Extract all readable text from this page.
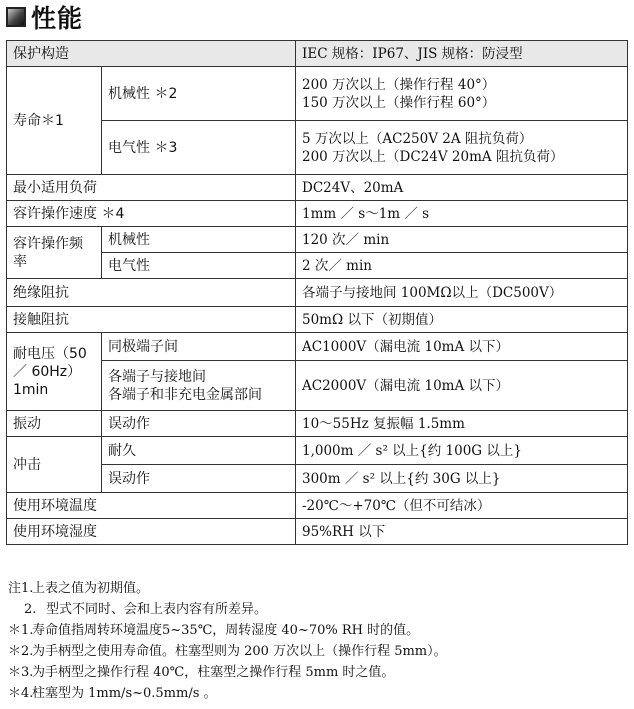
性能
保护构造		IEC 规格：IP67、JIS 规格：防浸型
寿命＊1	机械性 ＊2	200 万次以上（操作行程 40°）
150 万次以上（操作行程 60°）

	电气性 ＊3	5 万次以上（AC250V 2A 阻抗负荷）
200 万次以上（DC24V 20mA 阻抗负荷）

最小适用负荷		DC24V、20mA
容许操作速度 ＊4		1mm ／ s～1m ／ s
容许操作频率	机械性	120 次／ min
	电气性	2 次／ min
绝缘阻抗		各端子与接地间 100MΩ以上（DC500V）
接触阻抗		50mΩ 以下（初期值）

耐电压（50
／ 60Hz）
1min	同极端子间	AC1000V（漏电流 10mA 以下）

	各端子与接地间
各端子和非充电金属部间	AC2000V（漏电流 10mA 以下）
振动	误动作	10～55Hz 复振幅 1.5mm
冲击	耐久	1,000m ／ s² 以上{约 100G 以上}
	误动作	300m ／ s² 以上{约 30G 以上}
使用环境温度		-20℃～+70℃（但不可结冰）
使用环境湿度		95%RH 以下
注1.
上表之值为初期值。
2. 型式不同时、会和上表内容有所差异。
＊1.
寿命值指周转环境温度5~35℃，周转湿度 40~70% RH 时的值。
＊2.
为手柄型之使用寿命值。柱塞型则为 200 万次以上（操作行程 5mm）。
＊3.
为手柄型之操作行程 40℃，柱塞型之操作行程 5mm 时之值。
＊4.
柱塞型为 1mm/s~0.5mm/s 。
